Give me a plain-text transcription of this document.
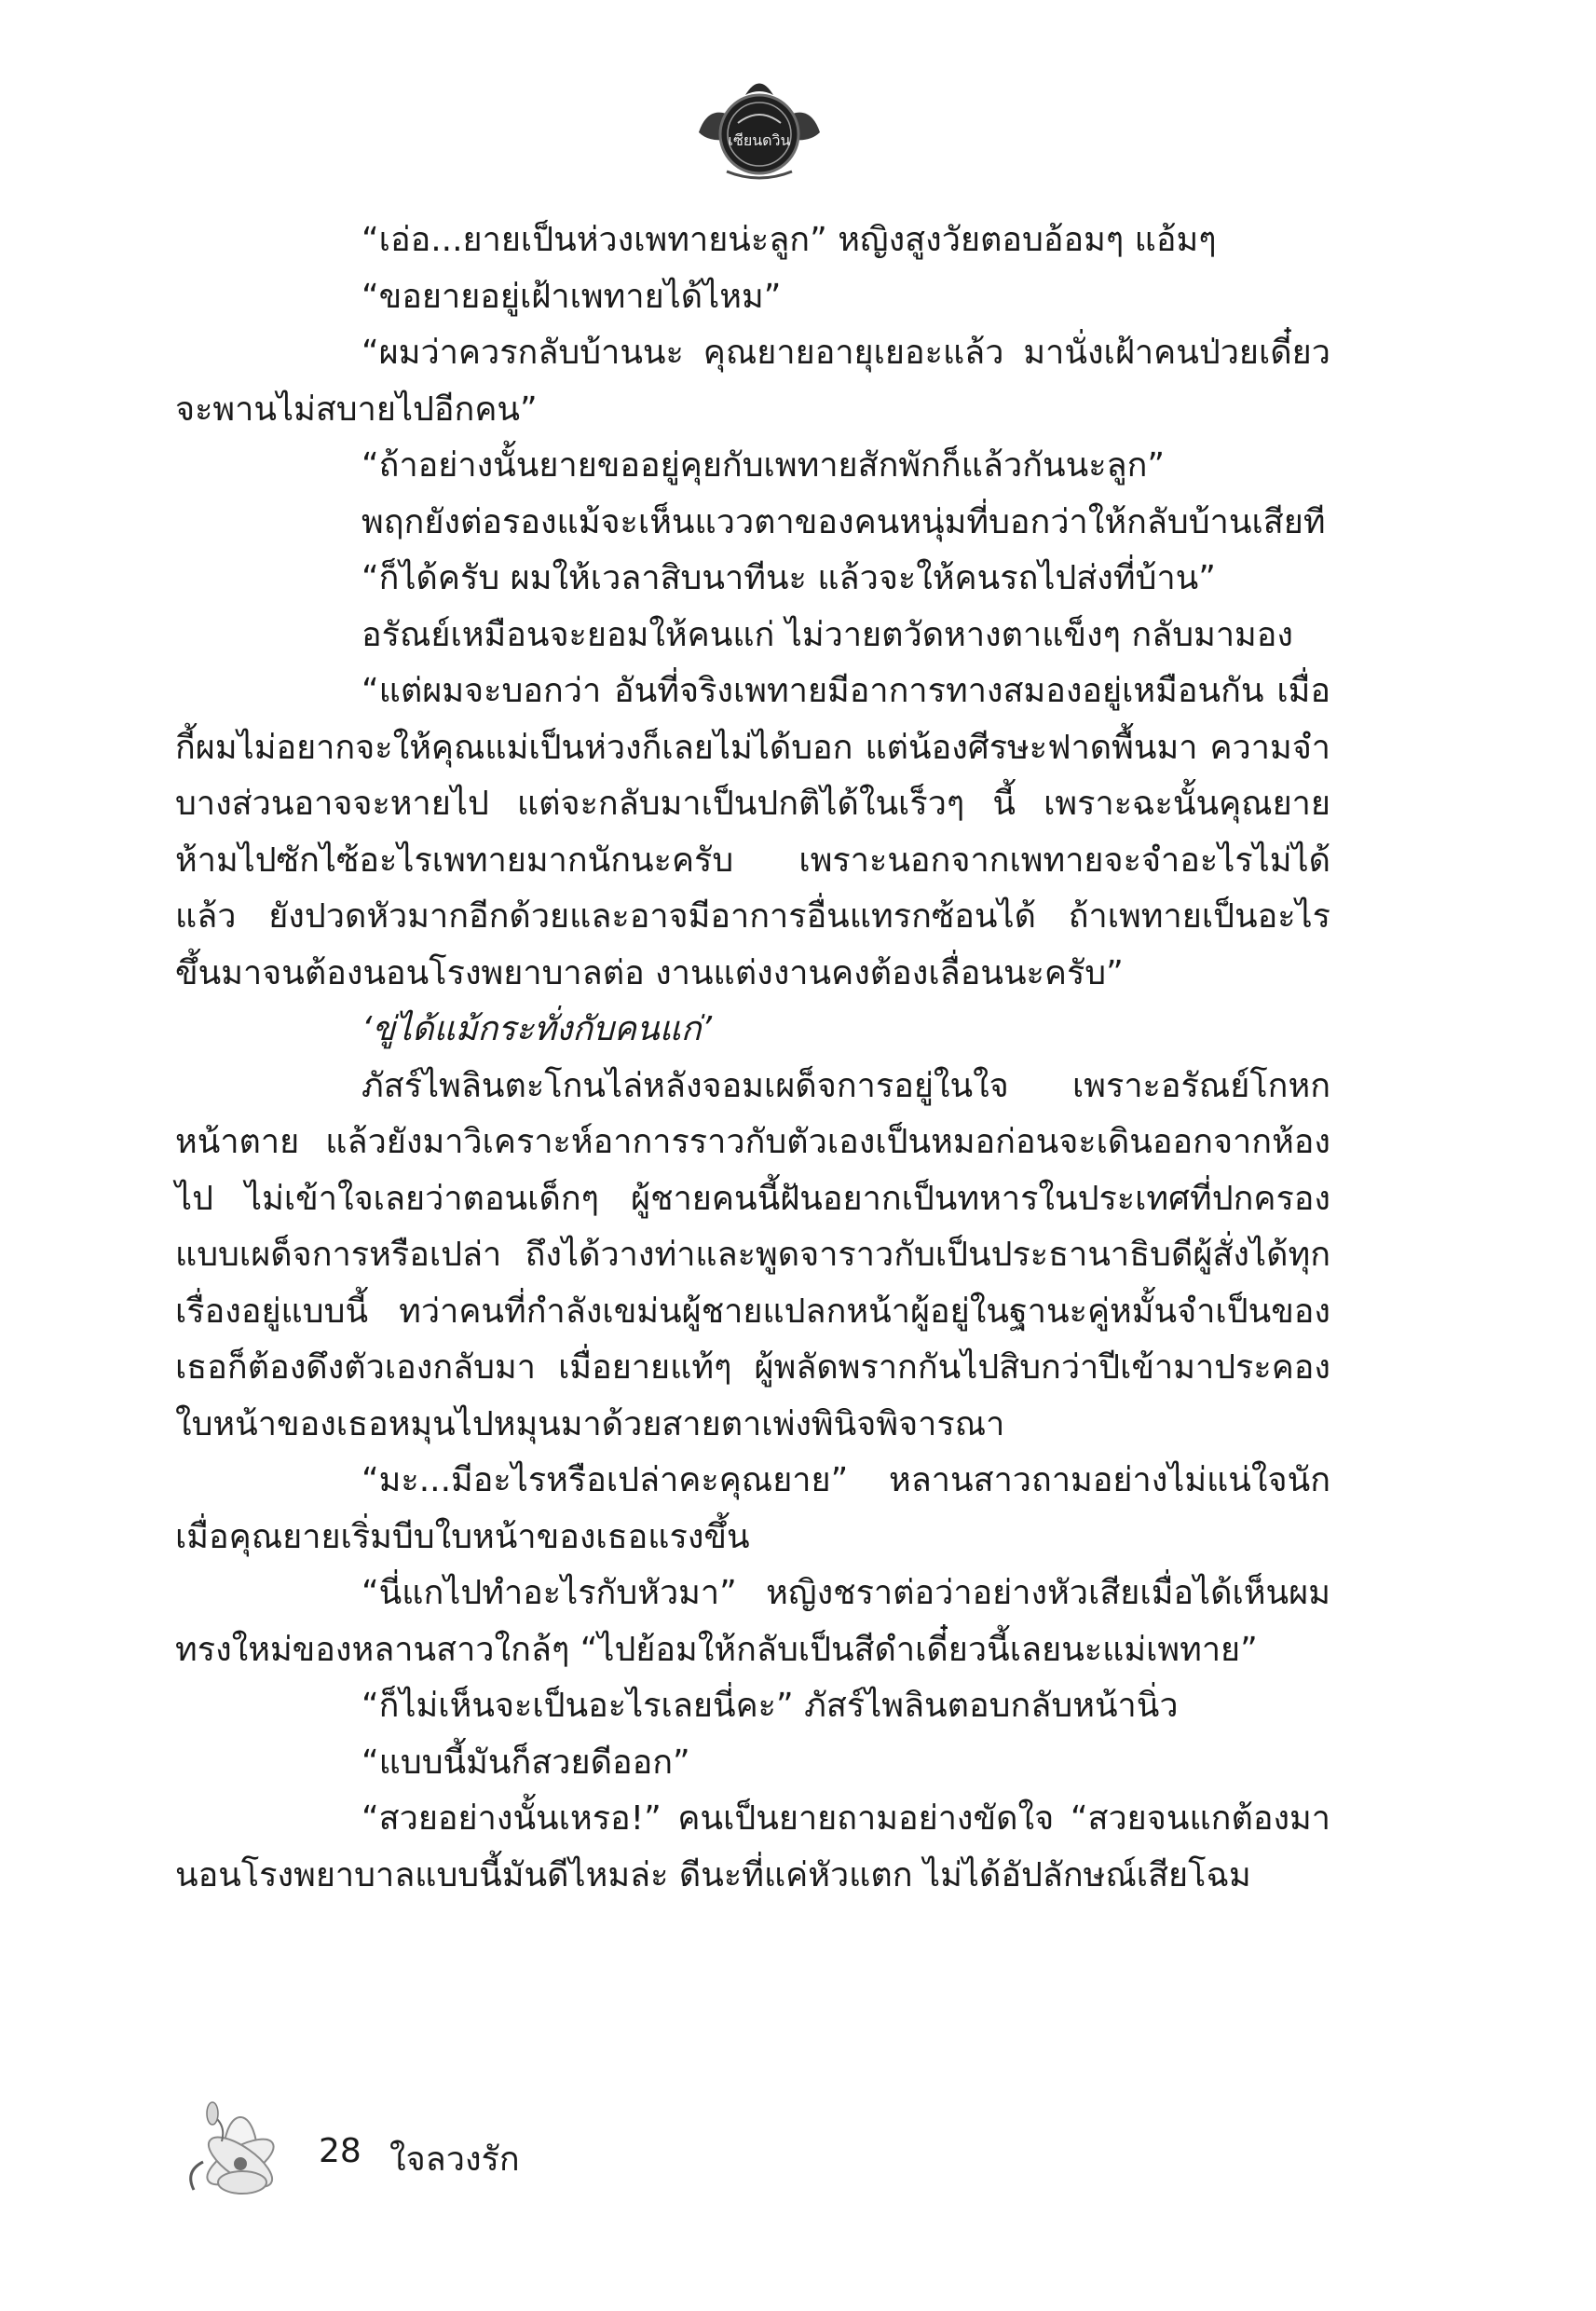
เซียนดวิน

“เอ่อ...ยายเป็นห่วงเพทายน่ะลูก” หญิงสูงวัยตอบอ้อมๆ แอ้มๆ

“ขอยายอยู่เฝ้าเพทายได้ไหม”

“ผมว่าควรกลับบ้านนะ คุณยายอายุเยอะแล้ว มานั่งเฝ้าคนป่วยเดี๋ยวจะพานไม่สบายไปอีกคน”

“ถ้าอย่างนั้นยายขออยู่คุยกับเพทายสักพักก็แล้วกันนะลูก”

พฤกยังต่อรองแม้จะเห็นแววตาของคนหนุ่มที่บอกว่าให้กลับบ้านเสียที

“ก็ได้ครับ ผมให้เวลาสิบนาทีนะ แล้วจะให้คนรถไปส่งที่บ้าน”

อรัณย์เหมือนจะยอมให้คนแก่ ไม่วายตวัดหางตาแข็งๆ กลับมามอง

“แต่ผมจะบอกว่า อันที่จริงเพทายมีอาการทางสมองอยู่เหมือนกัน เมื่อกี้ผมไม่อยากจะให้คุณแม่เป็นห่วงก็เลยไม่ได้บอก แต่น้องศีรษะฟาดพื้นมา ความจำบางส่วนอาจจะหายไป แต่จะกลับมาเป็นปกติได้ในเร็วๆ นี้ เพราะฉะนั้นคุณยายห้ามไปซักไซ้อะไรเพทายมากนักนะครับ เพราะนอกจากเพทายจะจำอะไรไม่ได้แล้ว ยังปวดหัวมากอีกด้วยและอาจมีอาการอื่นแทรกซ้อนได้ ถ้าเพทายเป็นอะไรขึ้นมาจนต้องนอนโรงพยาบาลต่อ งานแต่งงานคงต้องเลื่อนนะครับ”

‘ขู่ได้แม้กระทั่งกับคนแก่’

ภัสร์ไพลินตะโกนไล่หลังจอมเผด็จการอยู่ในใจ เพราะอรัณย์โกหกหน้าตาย แล้วยังมาวิเคราะห์อาการราวกับตัวเองเป็นหมอก่อนจะเดินออกจากห้องไป ไม่เข้าใจเลยว่าตอนเด็กๆ ผู้ชายคนนี้ฝันอยากเป็นทหารในประเทศที่ปกครองแบบเผด็จการหรือเปล่า ถึงได้วางท่าและพูดจาราวกับเป็นประธานาธิบดีผู้สั่งได้ทุกเรื่องอยู่แบบนี้ ทว่าคนที่กำลังเขม่นผู้ชายแปลกหน้าผู้อยู่ในฐานะคู่หมั้นจำเป็นของเธอก็ต้องดึงตัวเองกลับมา เมื่อยายแท้ๆ ผู้พลัดพรากกันไปสิบกว่าปีเข้ามาประคองใบหน้าของเธอหมุนไปหมุนมาด้วยสายตาเพ่งพินิจพิจารณา

“มะ...มีอะไรหรือเปล่าคะคุณยาย” หลานสาวถามอย่างไม่แน่ใจนัก เมื่อคุณยายเริ่มบีบใบหน้าของเธอแรงขึ้น

“นี่แกไปทำอะไรกับหัวมา” หญิงชราต่อว่าอย่างหัวเสียเมื่อได้เห็นผมทรงใหม่ของหลานสาวใกล้ๆ “ไปย้อมให้กลับเป็นสีดำเดี๋ยวนี้เลยนะแม่เพทาย”

“ก็ไม่เห็นจะเป็นอะไรเลยนี่คะ” ภัสร์ไพลินตอบกลับหน้านิ่ว

“แบบนี้มันก็สวยดีออก”

“สวยอย่างนั้นเหรอ!” คนเป็นยายถามอย่างขัดใจ “สวยจนแกต้องมานอนโรงพยาบาลแบบนี้มันดีไหมล่ะ ดีนะที่แค่หัวแตก ไม่ได้อัปลักษณ์เสียโฉม

28 ใจลวงรัก
